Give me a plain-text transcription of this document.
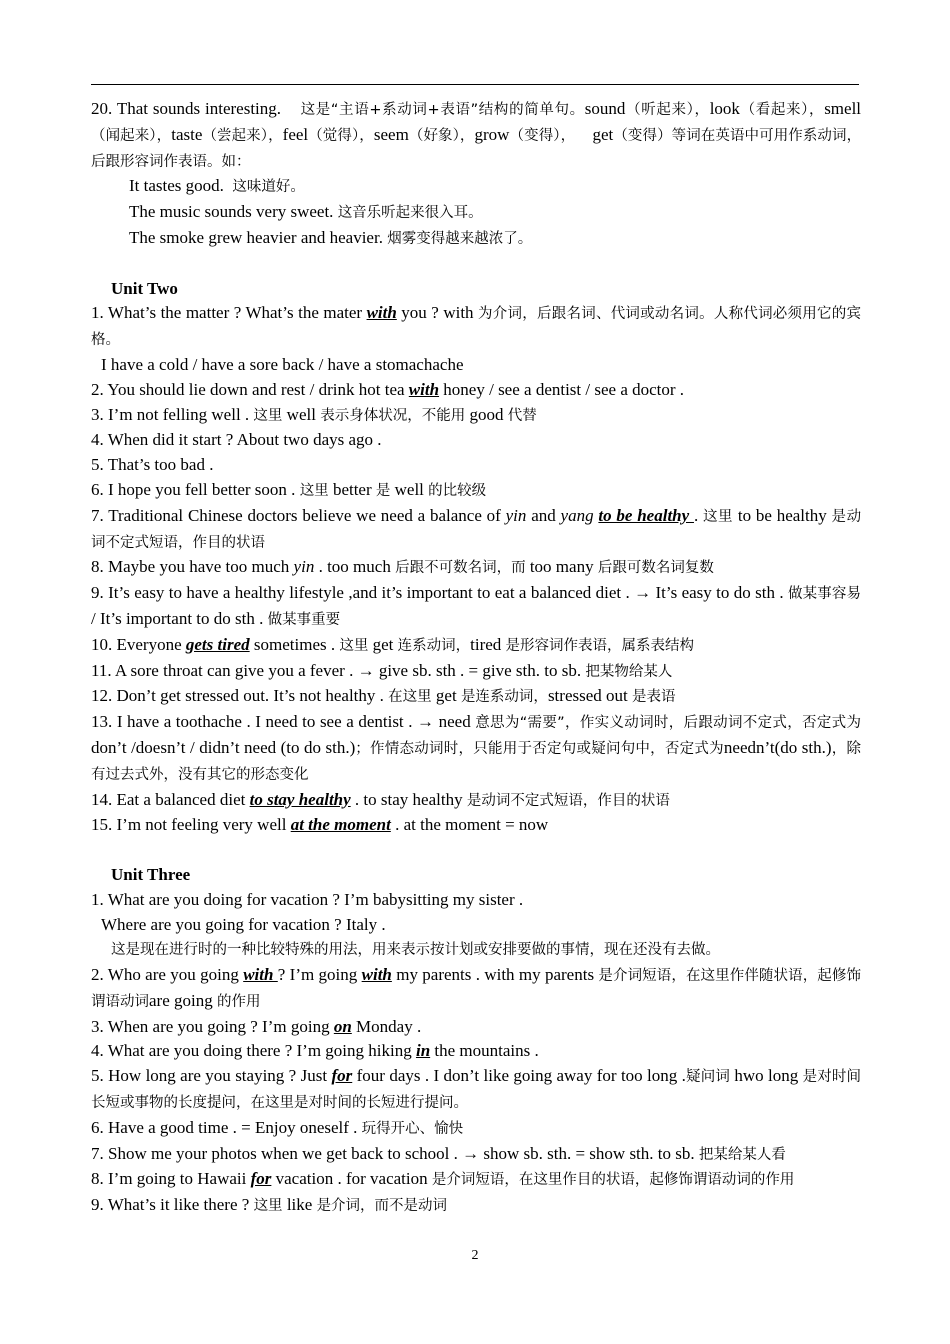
20. That sounds interesting. 这是“主语+系动词+表语”结构的简单句。sound（听起来），look（看起来），smell（闻起来），taste（尝起来），feel（觉得），seem（好象），grow（变得）， get（变得）等词在英语中可用作系动词，后跟形容词作表语。如：

It tastes good. 这味道好。

The music sounds very sweet. 这音乐听起来很入耳。

The smoke grew heavier and heavier. 烟雾变得越来越浓了。

Unit Two

1. What’s the matter ? What’s the mater with you ? with 为介词，后跟名词、代词或动名词。人称代词必须用它的宾格。

I have a cold / have a sore back / have a stomachache

2. You should lie down and rest / drink hot tea with honey / see a dentist / see a doctor .

3. I’m not felling well . 这里 well 表示身体状况，不能用 good 代替

4. When did it start ? About two days ago .

5. That’s too bad .

6. I hope you fell better soon . 这里 better 是 well 的比较级

7. Traditional Chinese doctors believe we need a balance of yin and yang to be healthy . 这里 to be healthy 是动词不定式短语，作目的状语

8. Maybe you have too much yin . too much 后跟不可数名词，而 too many 后跟可数名词复数

9. It’s easy to have a healthy lifestyle ,and it’s important to eat a balanced diet . → It’s easy to do sth . 做某事容易 / It’s important to do sth . 做某事重要

10. Everyone gets tired sometimes . 这里 get 连系动词，tired 是形容词作表语，属系表结构

11. A sore throat can give you a fever . → give sb. sth . = give sth. to sb. 把某物给某人

12. Don’t get stressed out. It’s not healthy . 在这里 get 是连系动词，stressed out 是表语

13. I have a toothache . I need to see a dentist . → need 意思为“需要”，作实义动词时，后跟动词不定式，否定式为 don’t /doesn’t / didn’t need (to do sth.)；作情态动词时，只能用于否定句或疑问句中，否定式为needn’t(do sth.)，除有过去式外，没有其它的形态变化

14. Eat a balanced diet to stay healthy . to stay healthy 是动词不定式短语，作目的状语

15. I’m not feeling very well at the moment . at the moment = now

Unit Three

1. What are you doing for vacation ? I’m babysitting my sister .

Where are you going for vacation ? Italy .

这是现在进行时的一种比较特殊的用法，用来表示按计划或安排要做的事情，现在还没有去做。

2. Who are you going with ? I’m going with my parents . with my parents 是介词短语，在这里作伴随状语，起修饰谓语动词are going 的作用

3. When are you going ? I’m going on Monday .

4. What are you doing there ? I’m going hiking in the mountains .

5. How long are you staying ? Just for four days . I don’t like going away for too long .疑问词 hwo long 是对时间长短或事物的长度提问，在这里是对时间的长短进行提问。

6. Have a good time . = Enjoy oneself . 玩得开心、愉快

7. Show me your photos when we get back to school . → show sb. sth. = show sth. to sb. 把某给某人看

8. I’m going to Hawaii for vacation . for vacation 是介词短语，在这里作目的状语，起修饰谓语动词的作用

9. What’s it like there ? 这里 like 是介词，而不是动词

2
